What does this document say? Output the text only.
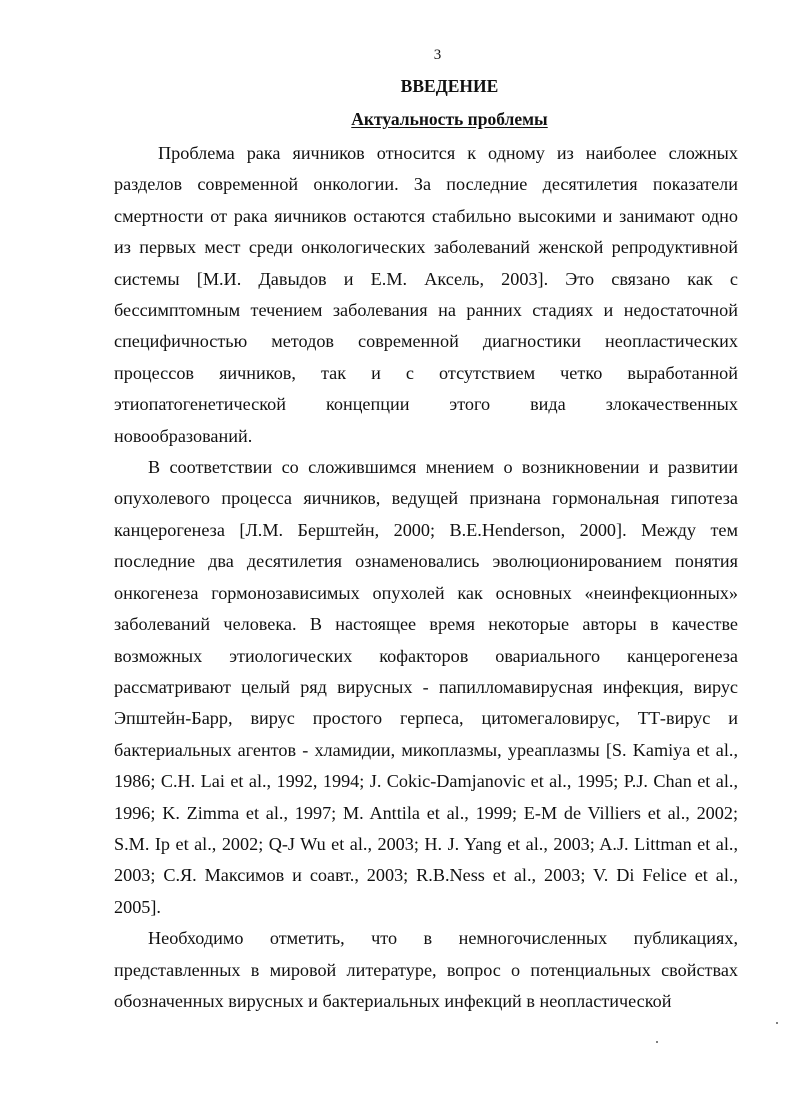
3
ВВЕДЕНИЕ
Актуальность проблемы

Проблема рака яичников относится к одному из наиболее сложных разделов современной онкологии. За последние десятилетия показатели смертности от рака яичников остаются стабильно высокими и занимают одно из первых мест среди онкологических заболеваний женской репродуктивной системы [М.И. Давыдов и Е.М. Аксель, 2003]. Это связано как с бессимптомным течением заболевания на ранних стадиях и недостаточной специфичностью методов современной диагностики неопластических процессов яичников, так и с отсутствием четко выработанной этиопатогенетической концепции этого вида злокачественных новообразований.

В соответствии со сложившимся мнением о возникновении и развитии опухолевого процесса яичников, ведущей признана гормональная гипотеза канцерогенеза [Л.М. Берштейн, 2000; B.E.Henderson, 2000]. Между тем последние два десятилетия ознаменовались эволюционированием понятия онкогенеза гормонозависимых опухолей как основных «неинфекционных» заболеваний человека. В настоящее время некоторые авторы в качестве возможных этиологических кофакторов овариального канцерогенеза рассматривают целый ряд вирусных - папилломавирусная инфекция, вирус Эпштейн-Барр, вирус простого герпеса, цитомегаловирус, ТТ-вирус и бактериальных агентов - хламидии, микоплазмы, уреаплазмы [S. Kamiya et al., 1986; C.H. Lai et al., 1992, 1994; J. Cokic-Damjanovic et al., 1995; P.J. Chan et al., 1996; K. Zimma et al., 1997; M. Anttila et al., 1999; E-M de Villiers et al., 2002; S.M. Ip et al., 2002; Q-J Wu et al., 2003; H. J. Yang et al., 2003; A.J. Littman et al., 2003; С.Я. Максимов и соавт., 2003; R.B.Ness et al., 2003; V. Di Felice et al., 2005].

Необходимо отметить, что в немногочисленных публикациях, представленных в мировой литературе, вопрос о потенциальных свойствах обозначенных вирусных и бактериальных инфекций в неопластической
